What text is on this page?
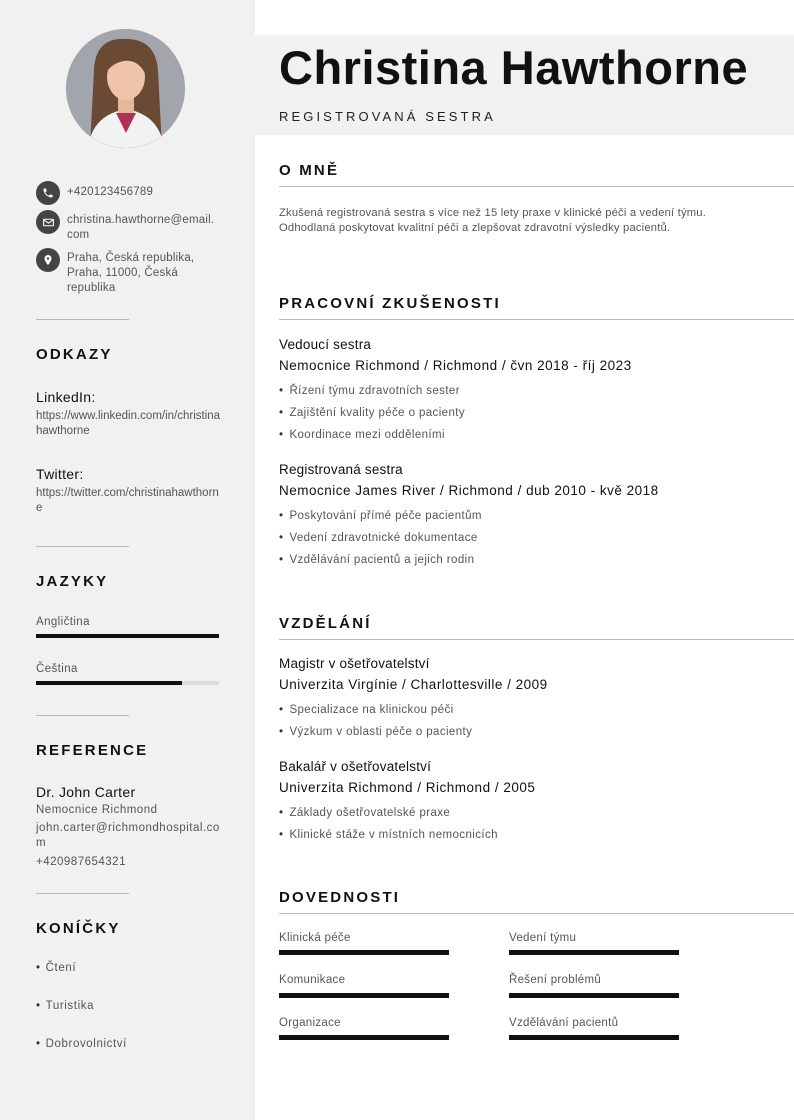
+420123456789
christina.hawthorne@email.com
Praha, Česká republika, Praha, 11000, Česká republika
ODKAZY
LinkedIn:
https://www.linkedin.com/in/christinahawthorne
Twitter:
https://twitter.com/christinahawthorne
JAZYKY
Angličtina
Čeština
REFERENCE
Dr. John Carter
Nemocnice Richmond
john.carter@richmondhospital.com
+420987654321
KONÍČKY
• Čtení
• Turistika
• Dobrovolnictví
Christina Hawthorne
REGISTROVANÁ SESTRA
O MNĚ
Zkušená registrovaná sestra s více než 15 lety praxe v klinické péči a vedení týmu. Odhodlaná poskytovat kvalitní péči a zlepšovat zdravotní výsledky pacientů.
PRACOVNÍ ZKUŠENOSTI
Vedoucí sestra
Nemocnice Richmond / Richmond / čvn 2018 - říj 2023
• Řízení týmu zdravotních sester
• Zajištění kvality péče o pacienty
• Koordinace mezi odděleními
Registrovaná sestra
Nemocnice James River / Richmond / dub 2010 - kvě 2018
• Poskytování přímé péče pacientům
• Vedení zdravotnické dokumentace
• Vzdělávání pacientů a jejich rodin
VZDĚLÁNÍ
Magistr v ošetřovatelství
Univerzita Virgínie / Charlottesville / 2009
• Specializace na klinickou péči
• Výzkum v oblasti péče o pacienty
Bakalář v ošetřovatelství
Univerzita Richmond / Richmond / 2005
• Základy ošetřovatelské praxe
• Klinické stáže v místních nemocnicích
DOVEDNOSTI
Klinická péče	Vedení týmu
Komunikace	Řešení problémů
Organizace	Vzdělávání pacientů
